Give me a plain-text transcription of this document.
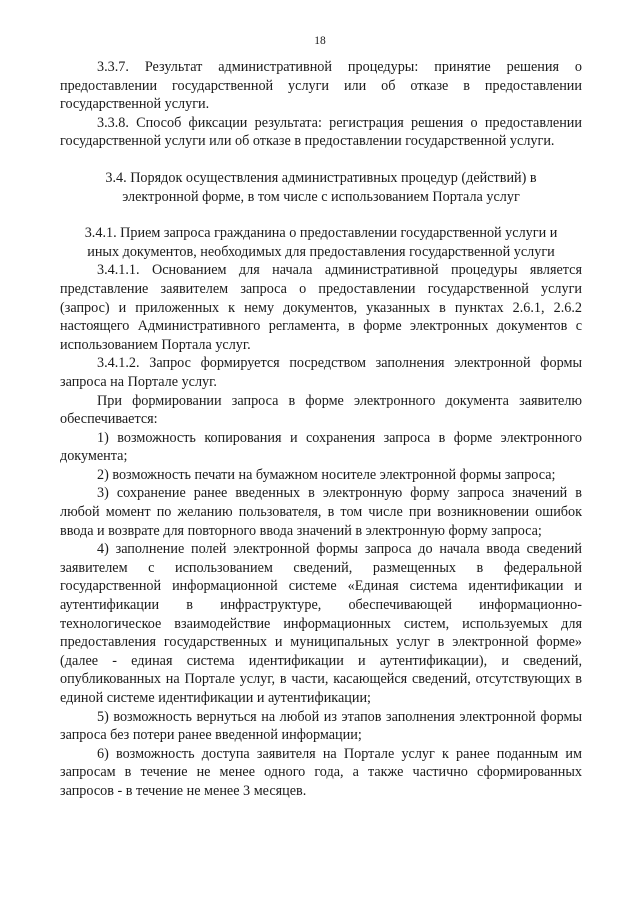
18

3.3.7. Результат административной процедуры: принятие решения о предоставлении государственной услуги или об отказе в предоставлении государственной услуги.

3.3.8. Способ фиксации результата: регистрация решения о предоставлении государственной услуги или об отказе в предоставлении государственной услуги.

3.4. Порядок осуществления административных процедур (действий) в электронной форме, в том числе с использованием Портала услуг

3.4.1. Прием запроса гражданина о предоставлении государственной услуги и иных документов, необходимых для предоставления государственной услуги

3.4.1.1. Основанием для начала административной процедуры является представление заявителем запроса о предоставлении государственной услуги (запрос) и приложенных к нему документов, указанных в пунктах 2.6.1, 2.6.2 настоящего Административного регламента, в форме электронных документов с использованием Портала услуг.

3.4.1.2. Запрос формируется посредством заполнения электронной формы запроса на Портале услуг.

При формировании запроса в форме электронного документа заявителю обеспечивается:

1) возможность копирования и сохранения запроса в форме электронного документа;

2) возможность печати на бумажном носителе электронной формы запроса;

3) сохранение ранее введенных в электронную форму запроса значений в любой момент по желанию пользователя, в том числе при возникновении ошибок ввода и возврате для повторного ввода значений в электронную форму запроса;

4) заполнение полей электронной формы запроса до начала ввода сведений заявителем с использованием сведений, размещенных в федеральной государственной информационной системе «Единая система идентификации и аутентификации в инфраструктуре, обеспечивающей информационно-технологическое взаимодействие информационных систем, используемых для предоставления государственных и муниципальных услуг в электронной форме» (далее - единая система идентификации и аутентификации), и сведений, опубликованных на Портале услуг, в части, касающейся сведений, отсутствующих в единой системе идентификации и аутентификации;

5) возможность вернуться на любой из этапов заполнения электронной формы запроса без потери ранее введенной информации;

6) возможность доступа заявителя на Портале услуг к ранее поданным им запросам в течение не менее одного года, а также частично сформированных запросов - в течение не менее 3 месяцев.
